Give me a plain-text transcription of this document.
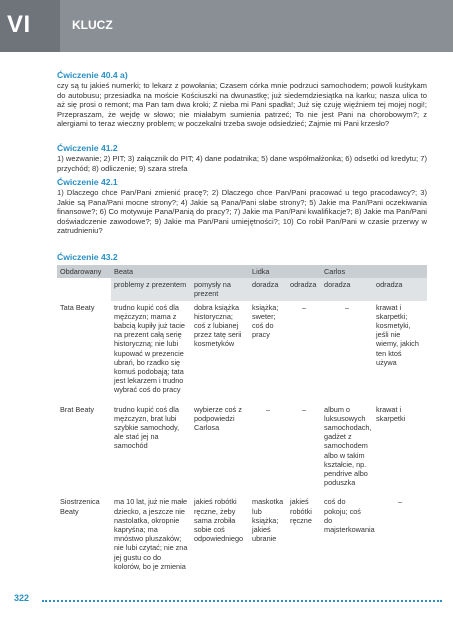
VI	KLUCZ
Ćwiczenie 40.4 a)

czy są tu jakieś numerki; to lekarz z powołania; Czasem córka mnie podrzuci samochodem; powoli kuśtykam do autobusu; przesiadka na moście Kościuszki na dwunastkę; już siedemdziesiątka na karku; nasza ulica to aż się prosi o remont; ma Pan tam dwa kroki; Z nieba mi Pani spadła!; Już się czuję więźniem tej mojej nogi!; Przepraszam, że wejdę w słowo; nie miałabym sumienia patrzeć; To nie jest Pani na chorobowym?; z alergiami to teraz wieczny problem; w poczekalni trzeba swoje odsiedzieć; Zajmie mi Pani krzesło?

Ćwiczenie 41.2

1) wezwanie; 2) PIT; 3) załącznik do PIT; 4) dane podatnika; 5) dane współmałżonka; 6) odsetki od kredytu; 7) przychód; 8) odliczenie; 9) szara strefa

Ćwiczenie 42.1

1) Dlaczego chce Pan/Pani zmienić pracę?; 2) Dlaczego chce Pan/Pani pracować u tego pracodawcy?; 3) Jakie są Pana/Pani mocne strony?; 4) Jakie są Pana/Pani słabe strony?; 5) Jakie ma Pan/Pani oczekiwania finansowe?; 6) Co motywuje Pana/Panią do pracy?; 7) Jakie ma Pan/Pani kwalifikacje?; 8) Jakie ma Pan/Pani doświadczenie zawodowe?; 9) Jakie ma Pan/Pani umiejętności?; 10) Co robił Pan/Pani w czasie przerwy w zatrudnieniu?

Ćwiczenie 43.2
Obdarowany	Beata		Lidka		Carlos	
	problemy z prezentem	pomysły na prezent	doradza	odradza	doradza	odradza
Tata Beaty	trudno kupić coś dla mężczyzn; mama z babcią kupiły już tacie na prezent całą serię historyczną; nie lubi kupować w prezencie ubrań, bo rzadko się komuś podobają; tata jest lekarzem i trudno wybrać coś do pracy	dobra książka historyczna; coś z lubianej przez tatę serii kosmetyków	książka; sweter; coś do pracy	–	–	krawat i skarpetki; kosmetyki, jeśli nie wiemy, jakich ten ktoś używa
Brat Beaty	trudno kupić coś dla mężczyzn, brat lubi szybkie samochody, ale stać jej na samochód	wybierze coś z podpowiedzi Carlosa	–	–	album o luksusowych samochodach, gadżet z samochodem albo w takim kształcie, np. pendrive albo poduszka	krawat i skarpetki
Siostrzenica Beaty	ma 10 lat, już nie małe dziecko, a jeszcze nie nastolatka, okropnie kapryśna; ma mnóstwo pluszaków; nie lubi czytać; nie zna jej gustu co do kolorów, bo je zmienia	jakieś robótki ręczne, żeby sama zrobiła sobie coś odpowiedniego	maskotka lub książka; jakieś ubranie	jakieś robótki ręczne	coś do pokoju; coś do majsterkowania	–
322
